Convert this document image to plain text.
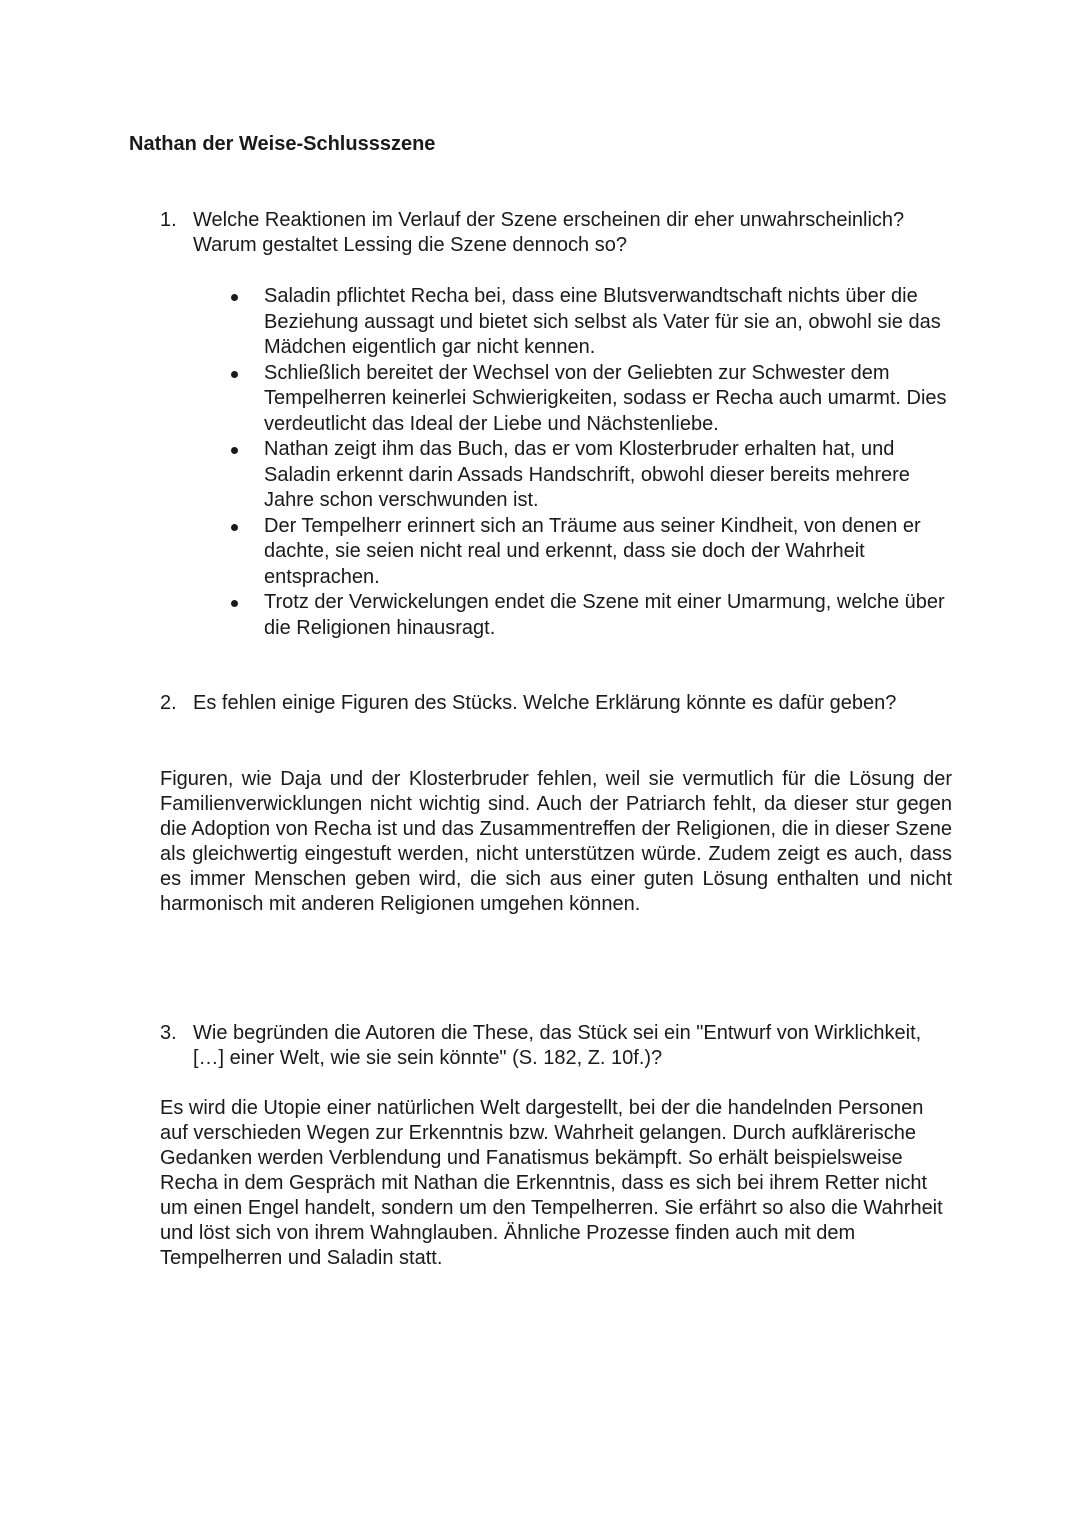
Nathan der Weise-Schlussszene
1. Welche Reaktionen im Verlauf der Szene erscheinen dir eher unwahrscheinlich? Warum gestaltet Lessing die Szene dennoch so?
Saladin pflichtet Recha bei, dass eine Blutsverwandtschaft nichts über die Beziehung aussagt und bietet sich selbst als Vater für sie an, obwohl sie das Mädchen eigentlich gar nicht kennen.
Schließlich bereitet der Wechsel von der Geliebten zur Schwester dem Tempelherren keinerlei Schwierigkeiten, sodass er Recha auch umarmt. Dies verdeutlicht das Ideal der Liebe und Nächstenliebe.
Nathan zeigt ihm das Buch, das er vom Klosterbruder erhalten hat, und Saladin erkennt darin Assads Handschrift, obwohl dieser bereits mehrere Jahre schon verschwunden ist.
Der Tempelherr erinnert sich an Träume aus seiner Kindheit, von denen er dachte, sie seien nicht real und erkennt, dass sie doch der Wahrheit entsprachen.
Trotz der Verwickelungen endet die Szene mit einer Umarmung, welche über die Religionen hinausragt.
2. Es fehlen einige Figuren des Stücks. Welche Erklärung könnte es dafür geben?

Figuren, wie Daja und der Klosterbruder fehlen, weil sie vermutlich für die Lösung der Familienverwicklungen nicht wichtig sind. Auch der Patriarch fehlt, da dieser stur gegen die Adoption von Recha ist und das Zusammentreffen der Religionen, die in dieser Szene als gleichwertig eingestuft werden, nicht unterstützen würde. Zudem zeigt es auch, dass es immer Menschen geben wird, die sich aus einer guten Lösung enthalten und nicht harmonisch mit anderen Religionen umgehen können.

3. Wie begründen die Autoren die These, das Stück sei ein "Entwurf von Wirklichkeit, […] einer Welt, wie sie sein könnte" (S. 182, Z. 10f.)?

Es wird die Utopie einer natürlichen Welt dargestellt, bei der die handelnden Personen auf verschieden Wegen zur Erkenntnis bzw. Wahrheit gelangen. Durch aufklärerische Gedanken werden Verblendung und Fanatismus bekämpft. So erhält beispielsweise Recha in dem Gespräch mit Nathan die Erkenntnis, dass es sich bei ihrem Retter nicht um einen Engel handelt, sondern um den Tempelherren. Sie erfährt so also die Wahrheit und löst sich von ihrem Wahnglauben. Ähnliche Prozesse finden auch mit dem Tempelherren und Saladin statt.
